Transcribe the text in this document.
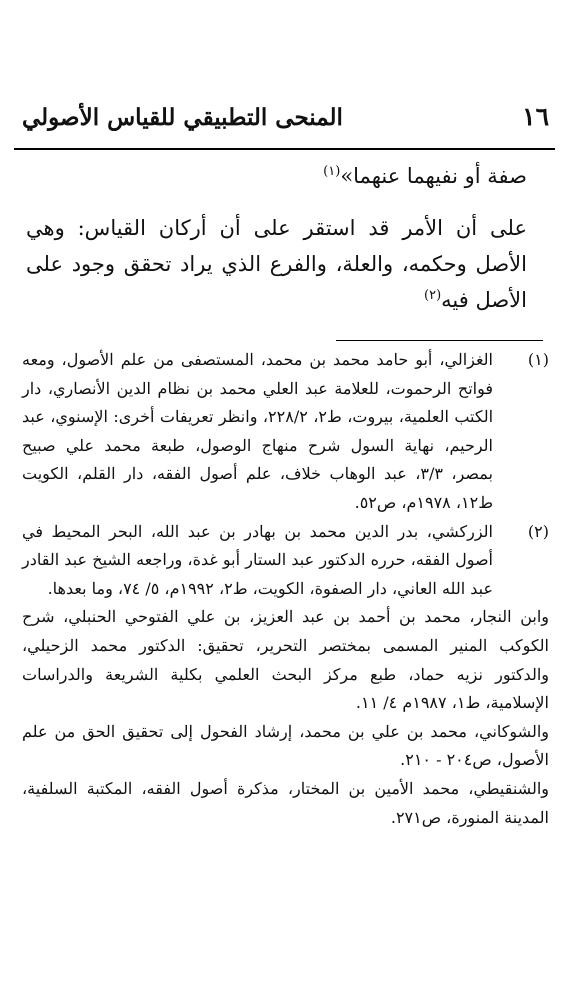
١٦
المنحى التطبيقي للقياس الأصولي

صفة أو نفيهما عنهما»$^{(١)}$

على أن الأمر قد استقر على أن أركان القياس: وهي الأصل وحكمه، والعلة، والفرع الذي يراد تحقق وجود على الأصل فيه$^{(٢)}$

(١)
الغزالي، أبو حامد محمد بن محمد، المستصفى من علم الأصول، ومعه فواتح الرحموت، للعلامة عبد العلي محمد بن نظام الدين الأنصاري، دار الكتب العلمية، بيروت، ط٢، ٢٢٨/٢، وانظر تعريفات أخرى: الإسنوي، عبد الرحيم، نهاية السول شرح منهاج الوصول، طبعة محمد علي صبيح بمصر، ٣/٣، عبد الوهاب خلاف، علم أصول الفقه، دار القلم، الكويت ط١٢، ١٩٧٨م، ص٥٢.
(٢)
الزركشي، بدر الدين محمد بن بهادر بن عبد الله، البحر المحيط في أصول الفقه، حرره الدكتور عبد الستار أبو غدة، وراجعه الشيخ عبد القادر عبد الله العاني، دار الصفوة، الكويت، ط٢، ١٩٩٢م، ٥/ ٧٤، وما بعدها.
وابن النجار، محمد بن أحمد بن عبد العزيز، بن علي الفتوحي الحنبلي، شرح الكوكب المنير المسمى بمختصر التحرير، تحقيق: الدكتور محمد الزحيلي، والدكتور نزيه حماد، طبع مركز البحث العلمي بكلية الشريعة والدراسات الإسلامية، ط١، ١٩٨٧م ٤/ ١١.
والشوكاني، محمد بن علي بن محمد، إرشاد الفحول إلى تحقيق الحق من علم الأصول، ص٢٠٤ - ٢١٠.
والشنقيطي، محمد الأمين بن المختار، مذكرة أصول الفقه، المكتبة السلفية، المدينة المنورة، ص٢٧١.
